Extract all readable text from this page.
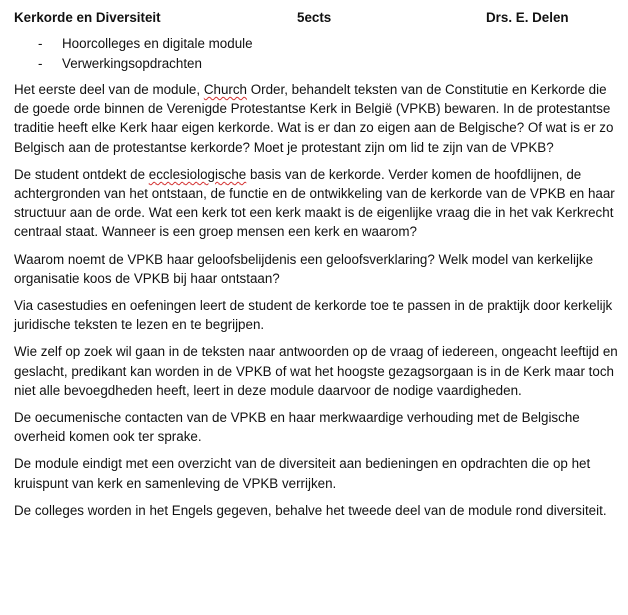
Kerkorde en Diversiteit	5ects	Drs. E. Delen
- Hoorcolleges en digitale module
- Verwerkingsopdrachten

Het eerste deel van de module, Church Order, behandelt teksten van de Constitutie en Kerkorde die de goede orde binnen de Verenigde Protestantse Kerk in België (VPKB) bewaren. In de protestantse traditie heeft elke Kerk haar eigen kerkorde. Wat is er dan zo eigen aan de Belgische? Of wat is er zo Belgisch aan de protestantse kerkorde? Moet je protestant zijn om lid te zijn van de VPKB?

De student ontdekt de ecclesiologische basis van de kerkorde. Verder komen de hoofdlijnen, de achtergronden van het ontstaan, de functie en de ontwikkeling van de kerkorde van de VPKB en haar structuur aan de orde. Wat een kerk tot een kerk maakt is de eigenlijke vraag die in het vak Kerkrecht centraal staat. Wanneer is een groep mensen een kerk en waarom?

Waarom noemt de VPKB haar geloofsbelijdenis een geloofsverklaring? Welk model van kerkelijke organisatie koos de VPKB bij haar ontstaan?

Via casestudies en oefeningen leert de student de kerkorde toe te passen in de praktijk door kerkelijk juridische teksten te lezen en te begrijpen.

Wie zelf op zoek wil gaan in de teksten naar antwoorden op de vraag of iedereen, ongeacht leeftijd en geslacht, predikant kan worden in de VPKB of wat het hoogste gezagsorgaan is in de Kerk maar toch niet alle bevoegdheden heeft, leert in deze module daarvoor de nodige vaardigheden.

De oecumenische contacten van de VPKB en haar merkwaardige verhouding met de Belgische overheid komen ook ter sprake.

De module eindigt met een overzicht van de diversiteit aan bedieningen en opdrachten die op het kruispunt van kerk en samenleving de VPKB verrijken.

De colleges worden in het Engels gegeven, behalve het tweede deel van de module rond diversiteit.
